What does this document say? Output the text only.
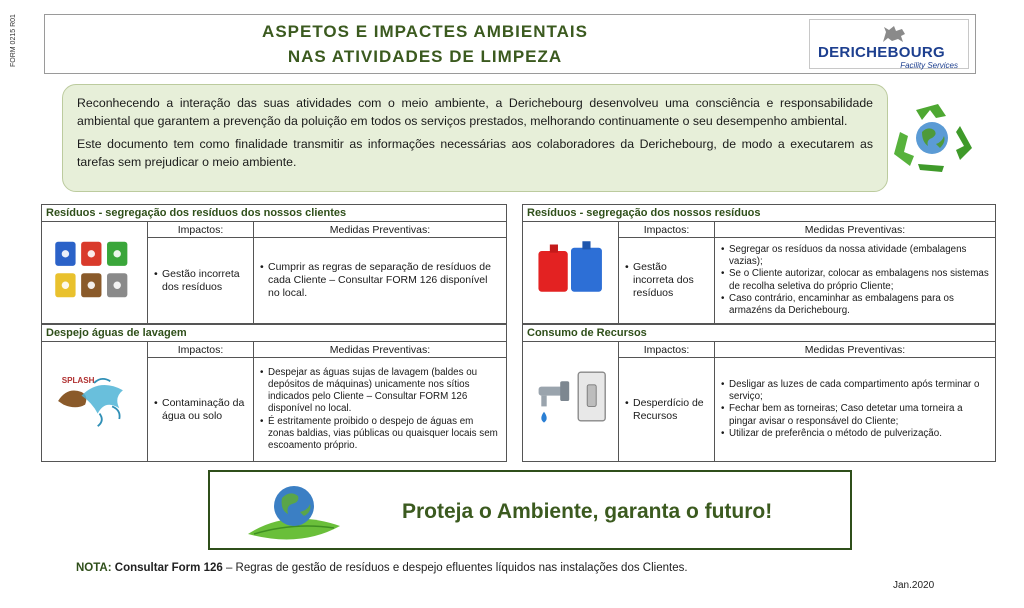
FORM 0215 R01	ASPETOS E IMPACTES AMBIENTAIS
NAS ATIVIDADES DE LIMPEZA	DERICHEBOURG
Facility Services

Reconhecendo a interação das suas atividades com o meio ambiente, a Derichebourg desenvolveu uma consciência e responsabilidade ambiental que garantem a prevenção da poluição em todos os serviços prestados, melhorando continuamente o seu desempenho ambiental.

Este documento tem como finalidade transmitir as informações necessárias aos colaboradores da Derichebourg, de modo a executarem as tarefas sem prejudicar o meio ambiente.

Resíduos - segregação dos resíduos dos nossos clientes
Impactos:
• Gestão incorreta dos resíduos
Medidas Preventivas:
• Cumprir as regras de separação de resíduos de cada Cliente – Consultar FORM 126 disponível no local.
Resíduos - segregação dos nossos resíduos
Impactos:
• Gestão incorreta dos resíduos
Medidas Preventivas:
• Segregar os resíduos da nossa atividade (embalagens vazias);
• Se o Cliente autorizar, colocar as embalagens nos sistemas de recolha seletiva do próprio Cliente;
• Caso contrário, encaminhar as embalagens para os armazéns da Derichebourg.
Despejo águas de lavagem
SPLASH
Impactos:
• Contaminação da água ou solo
Medidas Preventivas:
• Despejar as águas sujas de lavagem (baldes ou depósitos de máquinas) unicamente nos sítios indicados pelo Cliente – Consultar FORM 126 disponível no local.
• É estritamente proibido o despejo de águas em zonas baldias, vias públicas ou quaisquer locais sem escoamento próprio.
Consumo de Recursos
Impactos:
• Desperdício de Recursos
Medidas Preventivas:
• Desligar as luzes de cada compartimento após terminar o serviço;
• Fechar bem as torneiras; Caso detetar uma torneira a pingar avisar o responsável do Cliente;
• Utilizar de preferência o método de pulverização.
Proteja o Ambiente, garanta o futuro!
NOTA: Consultar Form 126 – Regras de gestão de resíduos e despejo efluentes líquidos nas instalações dos Clientes.
Jan.2020
